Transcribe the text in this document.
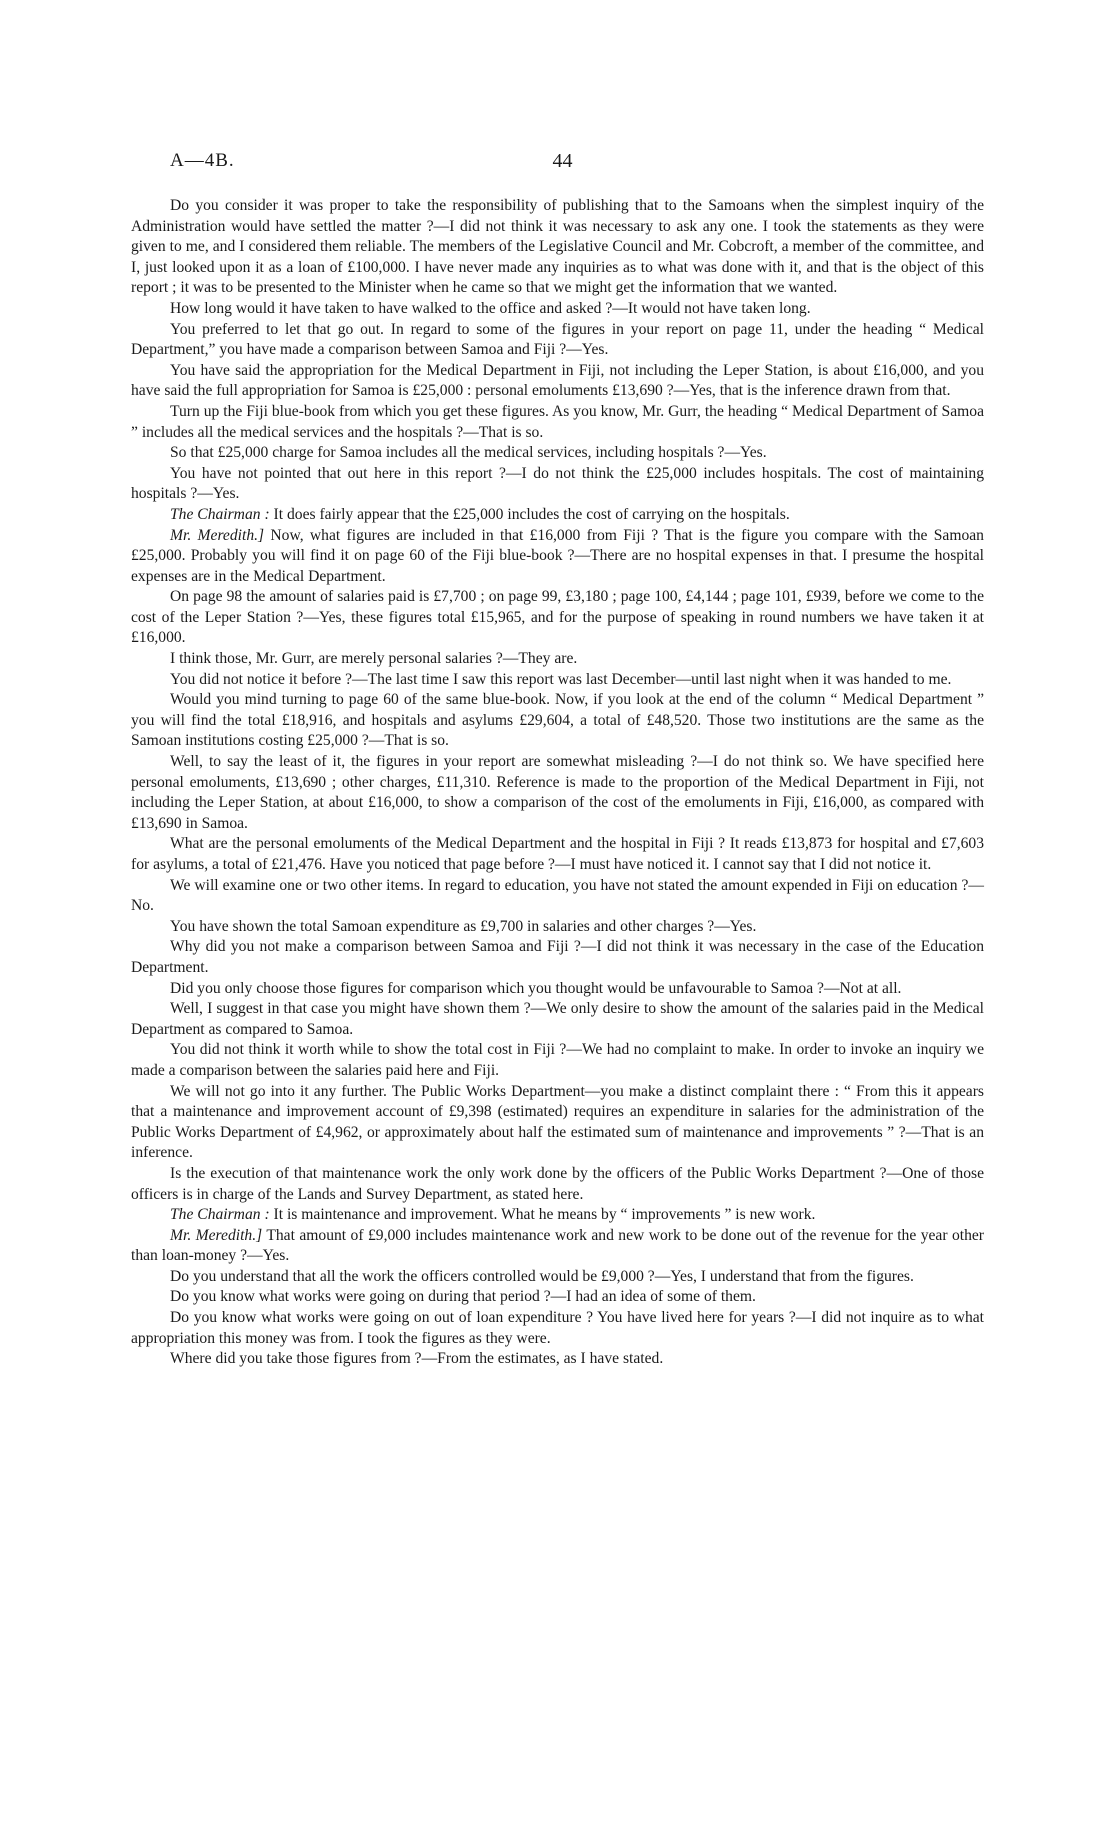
A—4B.	44

Do you consider it was proper to take the responsibility of publishing that to the Samoans when the simplest inquiry of the Administration would have settled the matter ?—I did not think it was necessary to ask any one. I took the statements as they were given to me, and I considered them reliable. The members of the Legislative Council and Mr. Cobcroft, a member of the committee, and I, just looked upon it as a loan of £100,000. I have never made any inquiries as to what was done with it, and that is the object of this report ; it was to be presented to the Minister when he came so that we might get the information that we wanted.

How long would it have taken to have walked to the office and asked ?—It would not have taken long.

You preferred to let that go out. In regard to some of the figures in your report on page 11, under the heading “ Medical Department,” you have made a comparison between Samoa and Fiji ?—Yes.

You have said the appropriation for the Medical Department in Fiji, not including the Leper Station, is about £16,000, and you have said the full appropriation for Samoa is £25,000 : personal emoluments £13,690 ?—Yes, that is the inference drawn from that.

Turn up the Fiji blue-book from which you get these figures. As you know, Mr. Gurr, the heading “ Medical Department of Samoa ” includes all the medical services and the hospitals ?—That is so.

So that £25,000 charge for Samoa includes all the medical services, including hospitals ?—Yes.

You have not pointed that out here in this report ?—I do not think the £25,000 includes hospitals. The cost of maintaining hospitals ?—Yes.

The Chairman : It does fairly appear that the £25,000 includes the cost of carrying on the hospitals.

Mr. Meredith.] Now, what figures are included in that £16,000 from Fiji ? That is the figure you compare with the Samoan £25,000. Probably you will find it on page 60 of the Fiji blue-book ?—There are no hospital expenses in that. I presume the hospital expenses are in the Medical Department.

On page 98 the amount of salaries paid is £7,700 ; on page 99, £3,180 ; page 100, £4,144 ; page 101, £939, before we come to the cost of the Leper Station ?—Yes, these figures total £15,965, and for the purpose of speaking in round numbers we have taken it at £16,000.

I think those, Mr. Gurr, are merely personal salaries ?—They are.

You did not notice it before ?—The last time I saw this report was last December—until last night when it was handed to me.

Would you mind turning to page 60 of the same blue-book. Now, if you look at the end of the column “ Medical Department ” you will find the total £18,916, and hospitals and asylums £29,604, a total of £48,520. Those two institutions are the same as the Samoan institutions costing £25,000 ?—That is so.

Well, to say the least of it, the figures in your report are somewhat misleading ?—I do not think so. We have specified here personal emoluments, £13,690 ; other charges, £11,310. Reference is made to the proportion of the Medical Department in Fiji, not including the Leper Station, at about £16,000, to show a comparison of the cost of the emoluments in Fiji, £16,000, as compared with £13,690 in Samoa.

What are the personal emoluments of the Medical Department and the hospital in Fiji ? It reads £13,873 for hospital and £7,603 for asylums, a total of £21,476. Have you noticed that page before ?—I must have noticed it. I cannot say that I did not notice it.

We will examine one or two other items. In regard to education, you have not stated the amount expended in Fiji on education ?—No.

You have shown the total Samoan expenditure as £9,700 in salaries and other charges ?—Yes.

Why did you not make a comparison between Samoa and Fiji ?—I did not think it was necessary in the case of the Education Department.

Did you only choose those figures for comparison which you thought would be unfavourable to Samoa ?—Not at all.

Well, I suggest in that case you might have shown them ?—We only desire to show the amount of the salaries paid in the Medical Department as compared to Samoa.

You did not think it worth while to show the total cost in Fiji ?—We had no complaint to make. In order to invoke an inquiry we made a comparison between the salaries paid here and Fiji.

We will not go into it any further. The Public Works Department—you make a distinct complaint there : “ From this it appears that a maintenance and improvement account of £9,398 (estimated) requires an expenditure in salaries for the administration of the Public Works Department of £4,962, or approximately about half the estimated sum of maintenance and improvements ” ?—That is an inference.

Is the execution of that maintenance work the only work done by the officers of the Public Works Department ?—One of those officers is in charge of the Lands and Survey Department, as stated here.

The Chairman : It is maintenance and improvement. What he means by “ improvements ” is new work.

Mr. Meredith.] That amount of £9,000 includes maintenance work and new work to be done out of the revenue for the year other than loan-money ?—Yes.

Do you understand that all the work the officers controlled would be £9,000 ?—Yes, I understand that from the figures.

Do you know what works were going on during that period ?—I had an idea of some of them.

Do you know what works were going on out of loan expenditure ? You have lived here for years ?—I did not inquire as to what appropriation this money was from. I took the figures as they were.

Where did you take those figures from ?—From the estimates, as I have stated.
